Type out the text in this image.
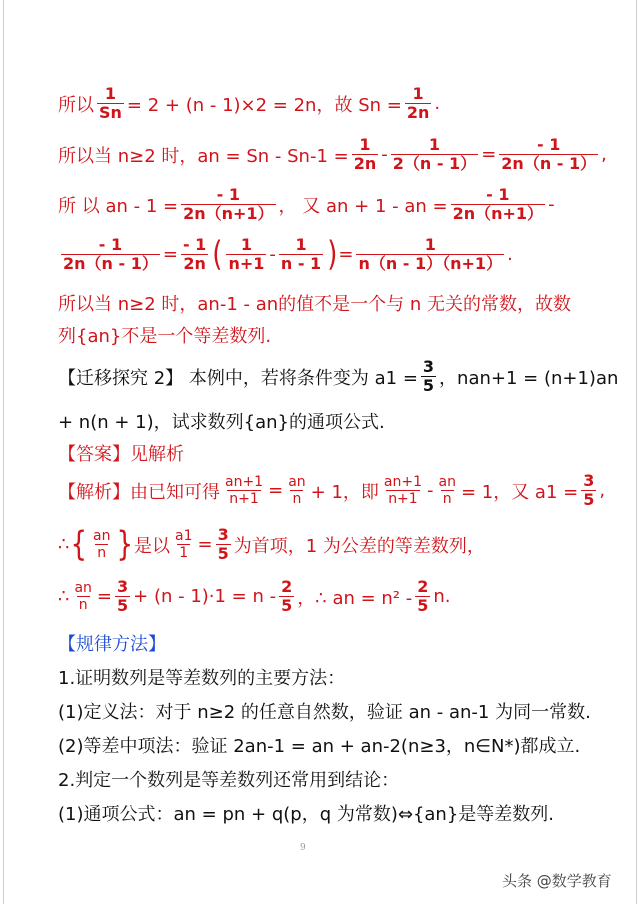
所以 $\frac{1}{Sn} = 2 + (n - 1)\times 2 = 2n$，故 $Sn = \frac{1}{2n}$ .
所以当 n≥2 时，an = $Sn - Sn-1 = \frac{1}{2n} - \frac{1}{2(n - 1)} = \frac{- 1}{2n(n - 1)}$ ,
所 以 an - $1 = \frac{- 1}{2n(n+1)}$ ， 又 an + 1 - an = $\frac{- 1}{2n(n+1)}$ -
$\frac{- 1}{2n(n - 1)} = \frac{- 1}{2n}$ ( $\frac{1}{n+1} - \frac{1}{n - 1}$ ) = $\frac{1}{n(n - 1)(n+1)}$ .
所以当 n≥2 时，an-1 - an的值不是一个与 n 无关的常数，故数
列{an}不是一个等差数列.
【迁移探究 2】 本例中，若将条件变为 $a1 = \frac{3}{5}$ ，nan+1 = (n+1)an
+ n(n + 1)，试求数列{an}的通项公式.
【答案】见解析
【解析】由已知可得 $\frac{an+1}{n+1} = \frac{an}{n} + 1$，即 $\frac{an+1}{n+1} - \frac{an}{n} = 1$，又 $a1 = \frac{3}{5}$ ,
∴ { $\frac{an}{n}$ } 是以 $\frac{a1}{1} = \frac{3}{5}$ 为首项，1 为公差的等差数列，
∴ $\frac{an}{n} = \frac{3}{5} + (n - 1)\cdot 1 = n - \frac{2}{5}$ ，∴ an = $n^2 - \frac{2}{5} n$.
【规律方法】
1.证明数列是等差数列的主要方法：
(1)定义法：对于 n≥2 的任意自然数，验证 an - an-1 为同一常数.
(2)等差中项法：验证 2an-1 = an + an-2(n≥3，n∈N*)都成立.
2.判定一个数列是等差数列还常用到结论：
(1)通项公式：an = pn + q(p，q 为常数)⇔{an}是等差数列.
9
头条 @数学教育
